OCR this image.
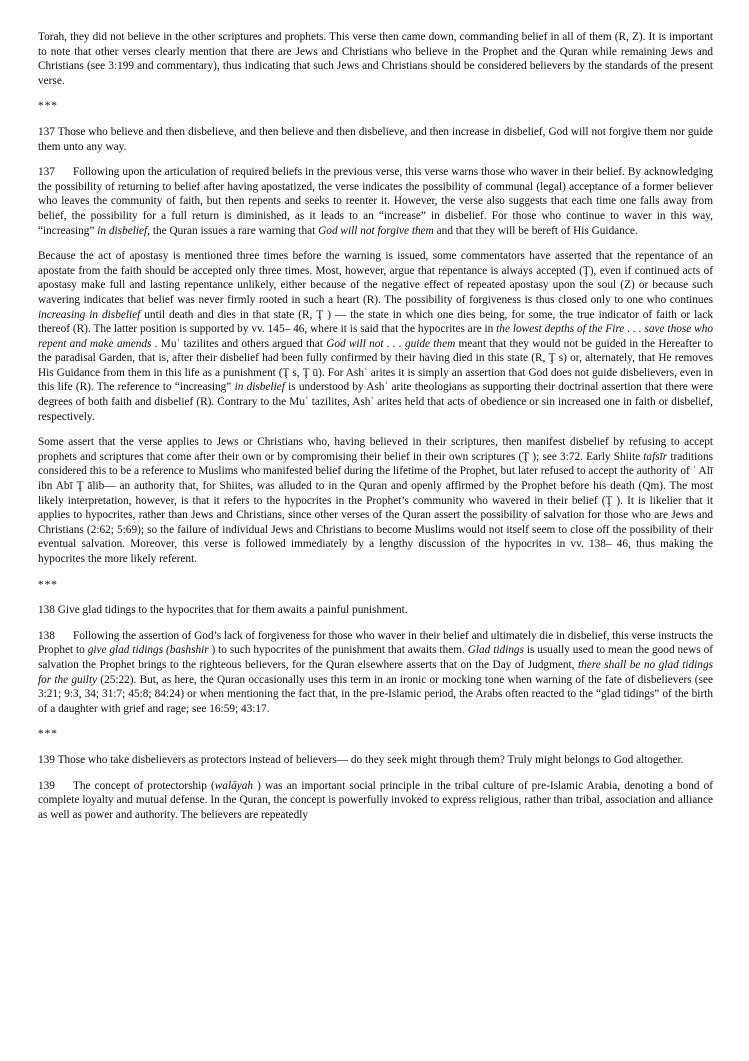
Torah, they did not believe in the other scriptures and prophets. This verse then came down, commanding belief in all of them (R, Z). It is important to note that other verses clearly mention that there are Jews and Christians who believe in the Prophet and the Quran while remaining Jews and Christians (see 3:199 and commentary), thus indicating that such Jews and Christians should be considered believers by the standards of the present verse.

***

137 Those who believe and then disbelieve, and then believe and then disbelieve, and then increase in disbelief, God will not forgive them nor guide them unto any way.

137 Following upon the articulation of required beliefs in the previous verse, this verse warns those who waver in their belief. By acknowledging the possibility of returning to belief after having apostatized, the verse indicates the possibility of communal (legal) acceptance of a former believer who leaves the community of faith, but then repents and seeks to reenter it. However, the verse also suggests that each time one falls away from belief, the possibility for a full return is diminished, as it leads to an “increase” in disbelief. For those who continue to waver in this way, “increasing” in disbelief, the Quran issues a rare warning that God will not forgive them and that they will be bereft of His Guidance.

Because the act of apostasy is mentioned three times before the warning is issued, some commentators have asserted that the repentance of an apostate from the faith should be accepted only three times. Most, however, argue that repentance is always accepted (Ţ), even if continued acts of apostasy make full and lasting repentance unlikely, either because of the negative effect of repeated apostasy upon the soul (Z) or because such wavering indicates that belief was never firmly rooted in such a heart (R). The possibility of forgiveness is thus closed only to one who continues increasing in disbelief until death and dies in that state (R, Ţ ) — the state in which one dies being, for some, the true indicator of faith or lack thereof (R). The latter position is supported by vv. 145– 46, where it is said that the hypocrites are in the lowest depths of the Fire . . . save those who repent and make amends . Muʿ tazilites and others argued that God will not . . . guide them meant that they would not be guided in the Hereafter to the paradisal Garden, that is, after their disbelief had been fully confirmed by their having died in this state (R, Ţ s) or, alternately, that He removes His Guidance from them in this life as a punishment (Ţ s, Ţ ū). For Ashʿ arites it is simply an assertion that God does not guide disbelievers, even in this life (R). The reference to “increasing” in disbelief is understood by Ashʿ arite theologians as supporting their doctrinal assertion that there were degrees of both faith and disbelief (R). Contrary to the Muʿ tazilites, Ashʿ arites held that acts of obedience or sin increased one in faith or disbelief, respectively.

Some assert that the verse applies to Jews or Christians who, having believed in their scriptures, then manifest disbelief by refusing to accept prophets and scriptures that come after their own or by compromising their belief in their own scriptures (Ţ ); see 3:72. Early Shiite tafsīr traditions considered this to be a reference to Muslims who manifested belief during the lifetime of the Prophet, but later refused to accept the authority of ʿ Alī ibn Abī Ţ ālib— an authority that, for Shiites, was alluded to in the Quran and openly affirmed by the Prophet before his death (Qm). The most likely interpretation, however, is that it refers to the hypocrites in the Prophet’s community who wavered in their belief (Ţ ). It is likelier that it applies to hypocrites, rather than Jews and Christians, since other verses of the Quran assert the possibility of salvation for those who are Jews and Christians (2:62; 5:69); so the failure of individual Jews and Christians to become Muslims would not itself seem to close off the possibility of their eventual salvation. Moreover, this verse is followed immediately by a lengthy discussion of the hypocrites in vv. 138– 46, thus making the hypocrites the more likely referent.

***

138 Give glad tidings to the hypocrites that for them awaits a painful punishment.

138 Following the assertion of God’s lack of forgiveness for those who waver in their belief and ultimately die in disbelief, this verse instructs the Prophet to give glad tidings (bashshir ) to such hypocrites of the punishment that awaits them. Glad tidings is usually used to mean the good news of salvation the Prophet brings to the righteous believers, for the Quran elsewhere asserts that on the Day of Judgment, there shall be no glad tidings for the guilty (25:22). But, as here, the Quran occasionally uses this term in an ironic or mocking tone when warning of the fate of disbelievers (see 3:21; 9:3, 34; 31:7; 45:8; 84:24) or when mentioning the fact that, in the pre-Islamic period, the Arabs often reacted to the “glad tidings” of the birth of a daughter with grief and rage; see 16:59; 43:17.

***

139 Those who take disbelievers as protectors instead of believers— do they seek might through them? Truly might belongs to God altogether.

139 The concept of protectorship (walāyah ) was an important social principle in the tribal culture of pre-Islamic Arabia, denoting a bond of complete loyalty and mutual defense. In the Quran, the concept is powerfully invoked to express religious, rather than tribal, association and alliance as well as power and authority. The believers are repeatedly
